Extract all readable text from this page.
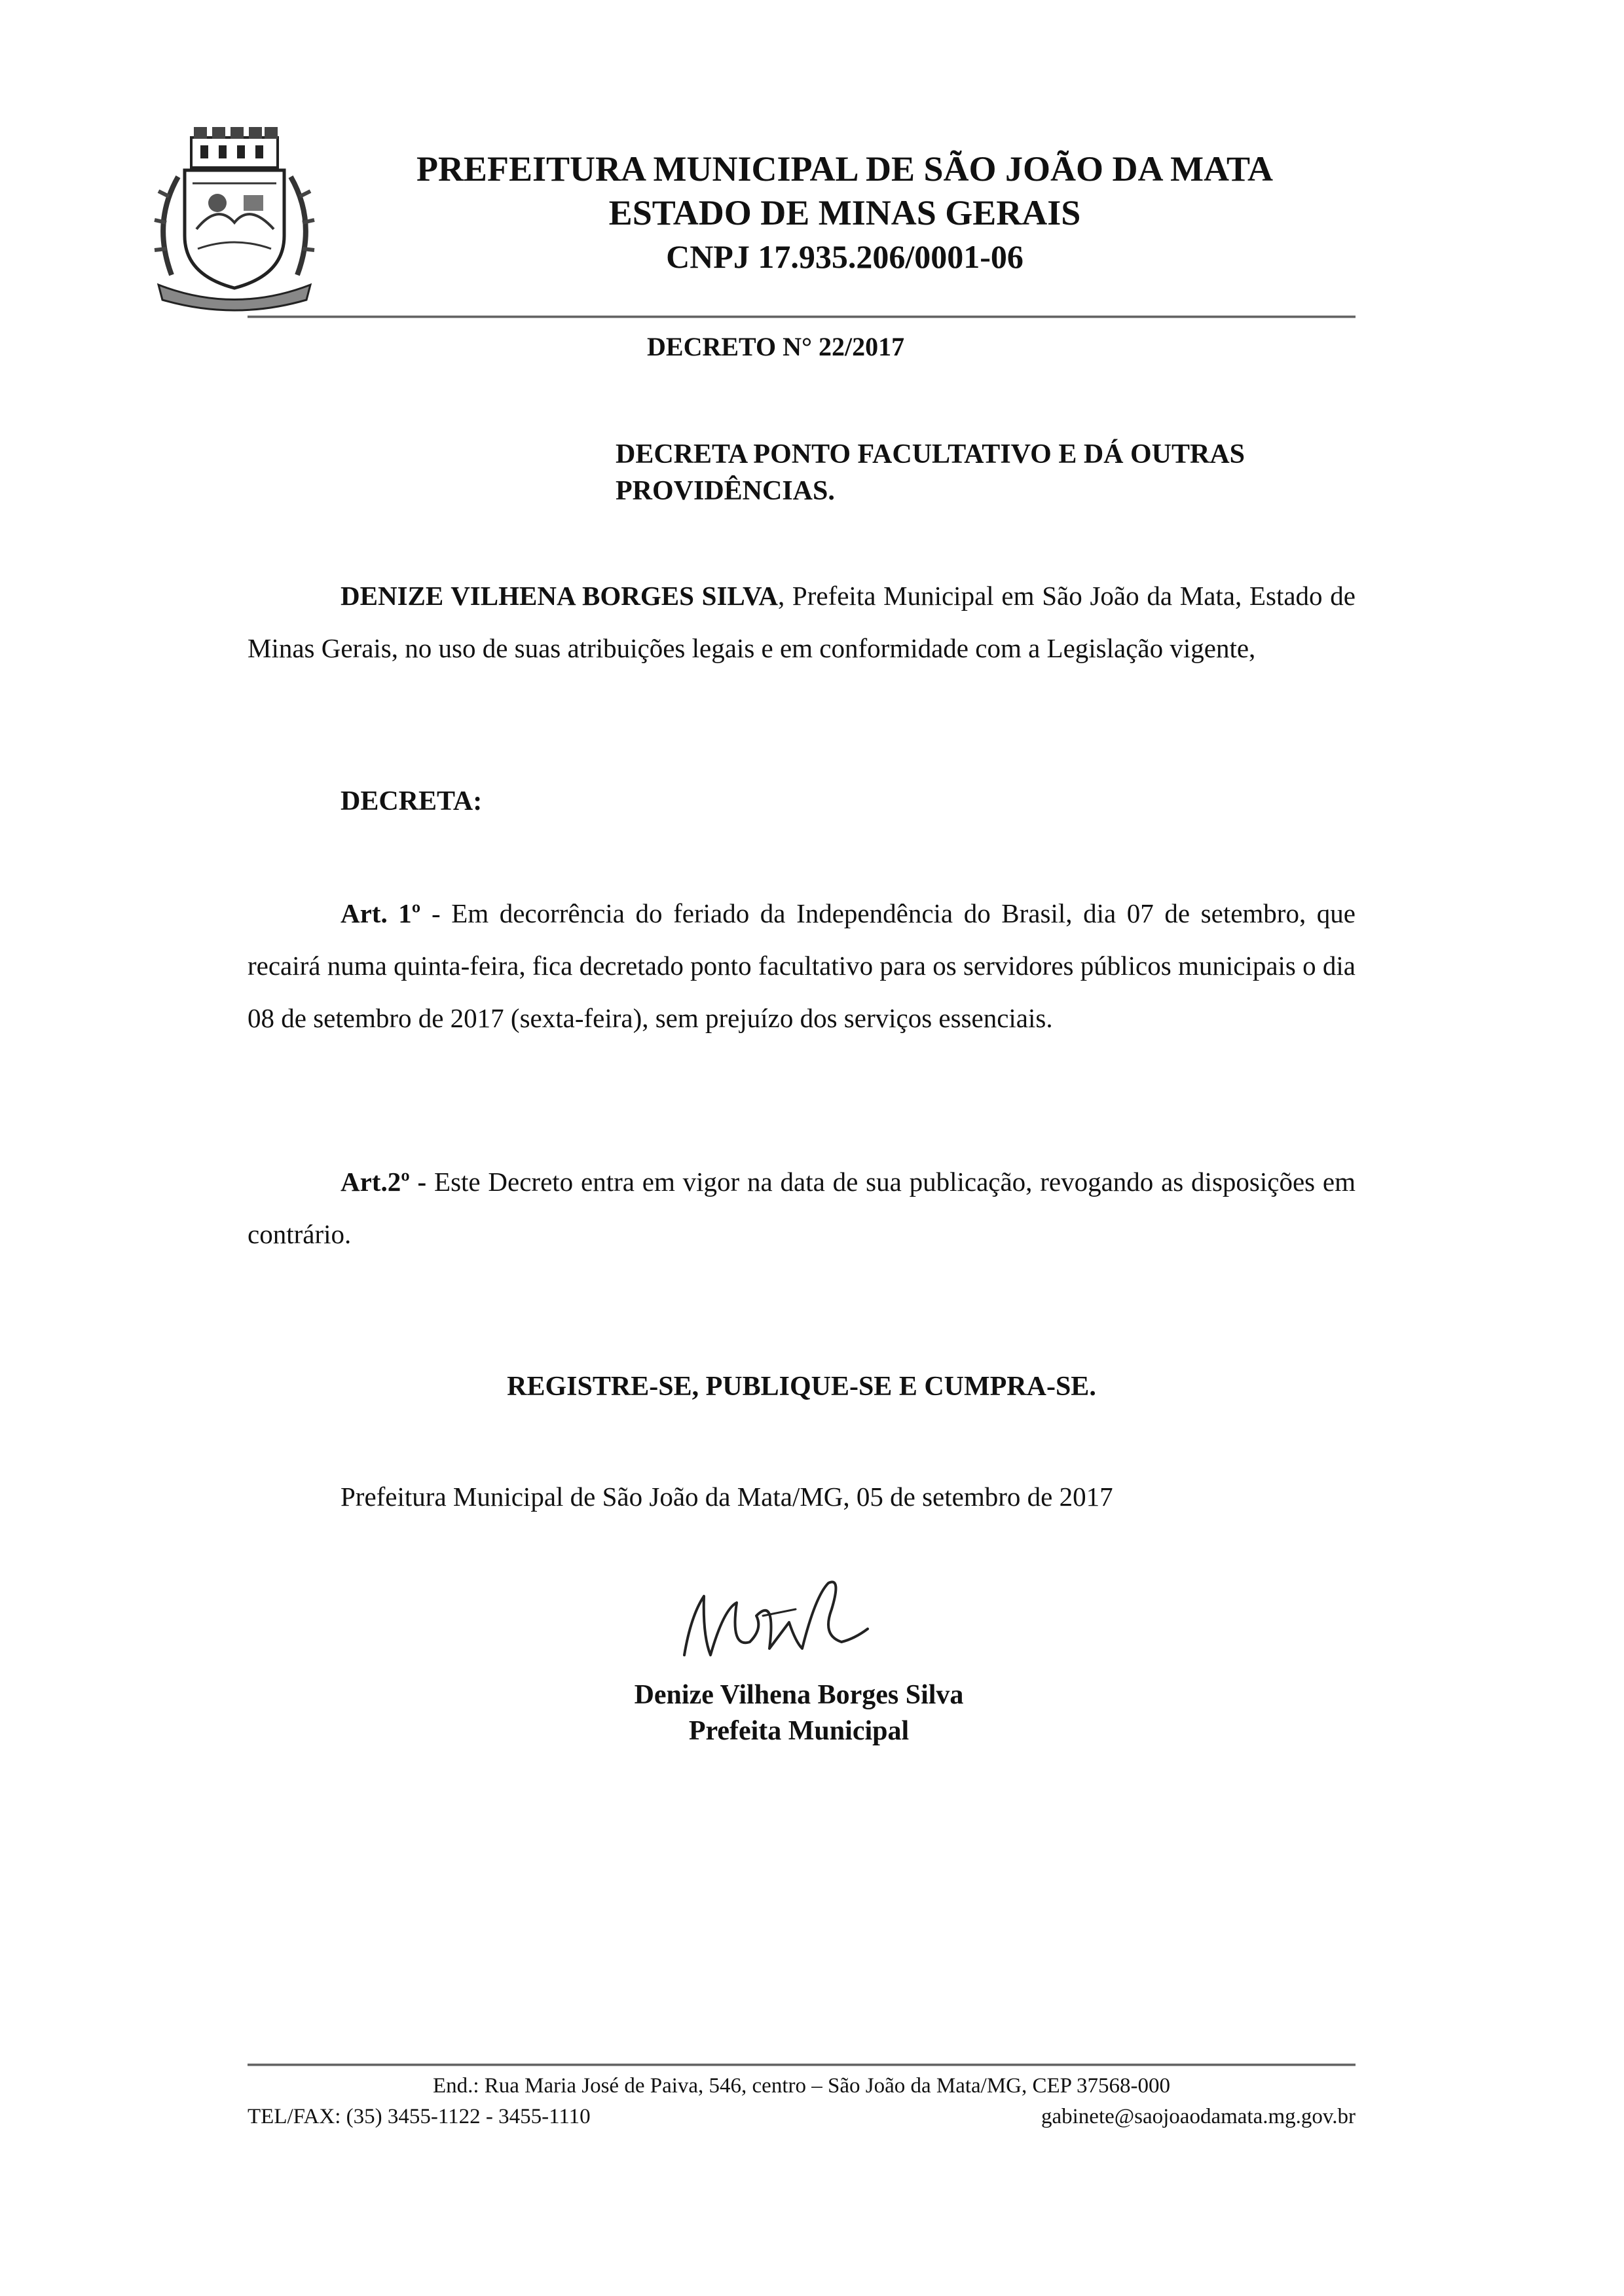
PREFEITURA MUNICIPAL DE SÃO JOÃO DA MATA
ESTADO DE MINAS GERAIS
CNPJ 17.935.206/0001-06
DECRETO N° 22/2017
DECRETA PONTO FACULTATIVO E DÁ OUTRAS PROVIDÊNCIAS.
DENIZE VILHENA BORGES SILVA, Prefeita Municipal em São João da Mata, Estado de Minas Gerais, no uso de suas atribuições legais e em conformidade com a Legislação vigente,
DECRETA:
Art. 1º - Em decorrência do feriado da Independência do Brasil, dia 07 de setembro, que recairá numa quinta-feira, fica decretado ponto facultativo para os servidores públicos municipais o dia 08 de setembro de 2017 (sexta-feira), sem prejuízo dos serviços essenciais.
Art.2º - Este Decreto entra em vigor na data de sua publicação, revogando as disposições em contrário.
REGISTRE-SE, PUBLIQUE-SE E CUMPRA-SE.
Prefeitura Municipal de São João da Mata/MG, 05 de setembro de 2017
Denize Vilhena Borges Silva
Prefeita Municipal
End.: Rua Maria José de Paiva, 546, centro – São João da Mata/MG, CEP 37568-000
TEL/FAX: (35) 3455-1122 - 3455-1110	gabinete@saojoaodamata.mg.gov.br
